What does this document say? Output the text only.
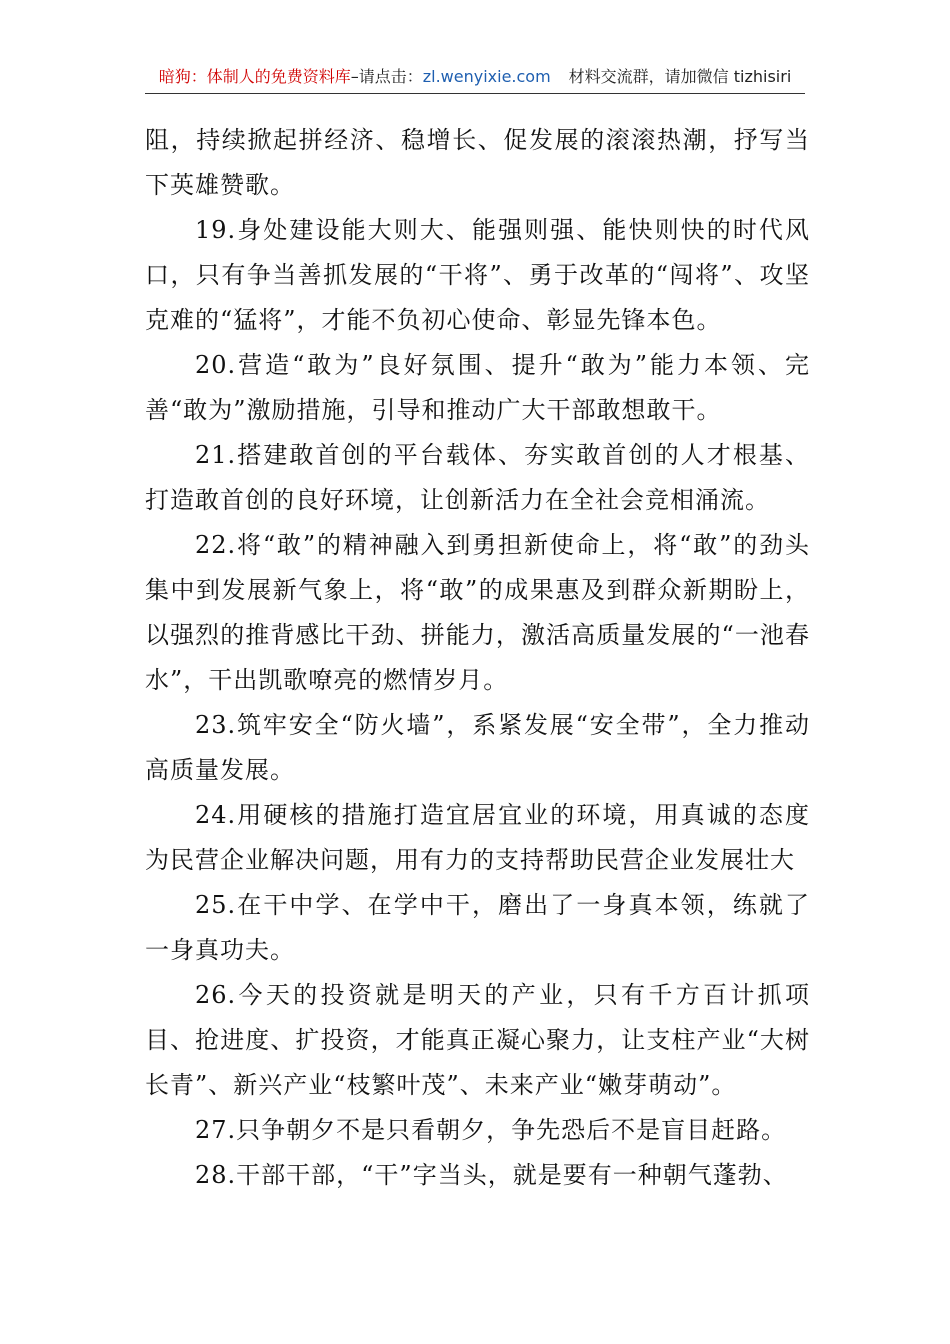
暗狗：体制人的免费资料库–请点击：zl.wenyixie.com 材料交流群，请加微信 tizhisiri

阻，持续掀起拼经济、稳增长、促发展的滚滚热潮，抒写当下英雄赞歌。

19.身处建设能大则大、能强则强、能快则快的时代风口，只有争当善抓发展的“干将”、勇于改革的“闯将”、攻坚克难的“猛将”，才能不负初心使命、彰显先锋本色。

20.营造“敢为”良好氛围、提升“敢为”能力本领、完善“敢为”激励措施，引导和推动广大干部敢想敢干。

21.搭建敢首创的平台载体、夯实敢首创的人才根基、打造敢首创的良好环境，让创新活力在全社会竞相涌流。

22.将“敢”的精神融入到勇担新使命上，将“敢”的劲头集中到发展新气象上，将“敢”的成果惠及到群众新期盼上，以强烈的推背感比干劲、拼能力，激活高质量发展的“一池春水”，干出凯歌嘹亮的燃情岁月。

23.筑牢安全“防火墙”，系紧发展“安全带”，全力推动高质量发展。

24.用硬核的措施打造宜居宜业的环境，用真诚的态度为民营企业解决问题，用有力的支持帮助民营企业发展壮大

25.在干中学、在学中干，磨出了一身真本领，练就了一身真功夫。

26.今天的投资就是明天的产业，只有千方百计抓项目、抢进度、扩投资，才能真正凝心聚力，让支柱产业“大树长青”、新兴产业“枝繁叶茂”、未来产业“嫩芽萌动”。

27.只争朝夕不是只看朝夕，争先恐后不是盲目赶路。

28.干部干部，“干”字当头，就是要有一种朝气蓬勃、
